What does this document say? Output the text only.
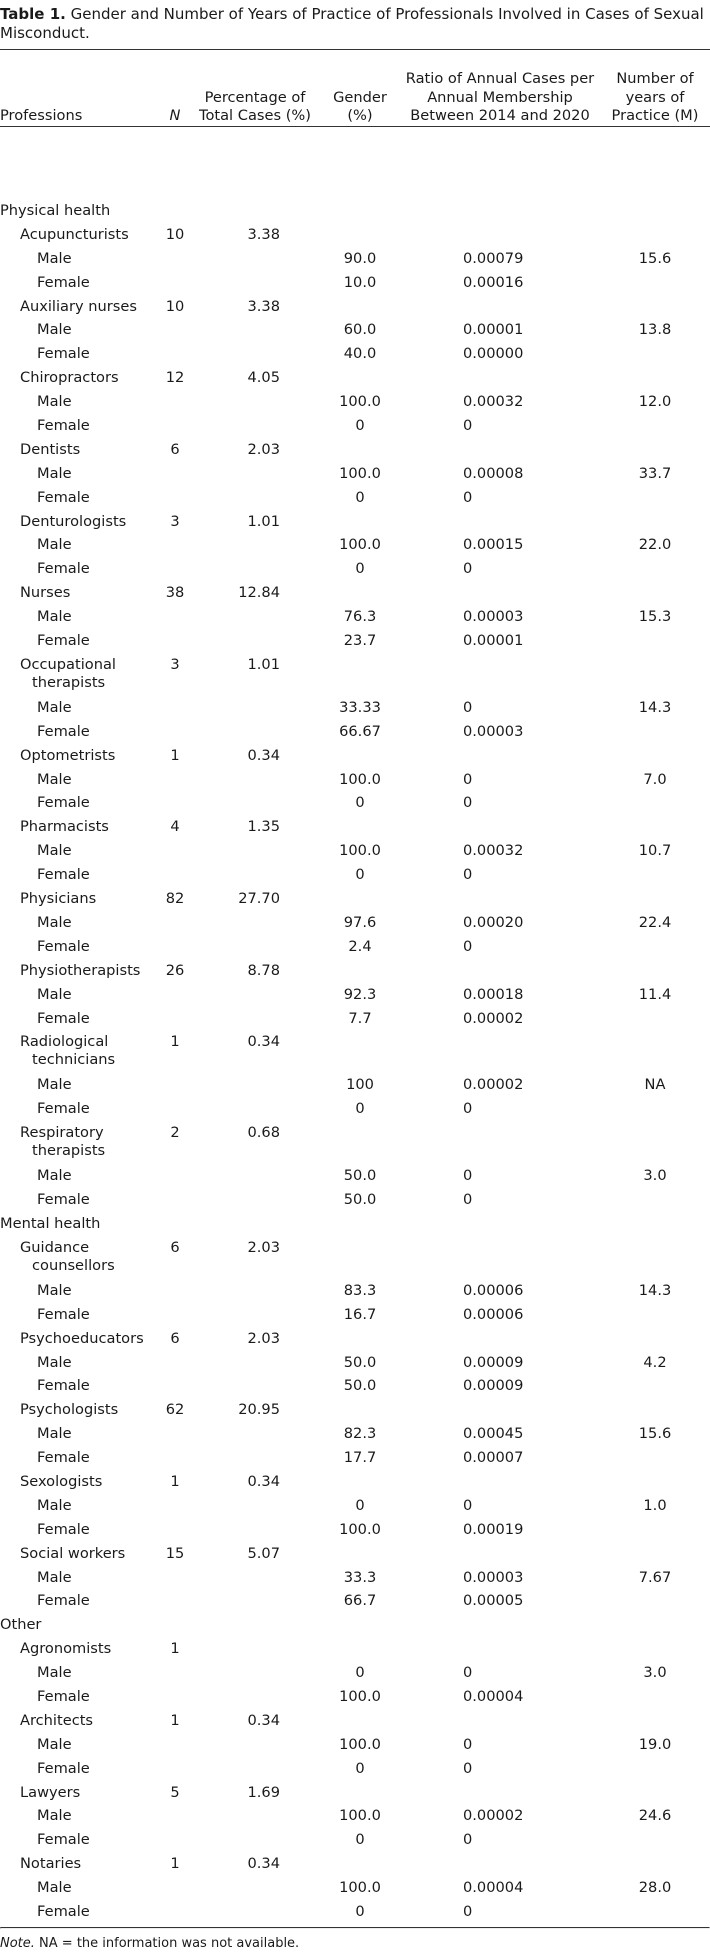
Table 1. Gender and Number of Years of Practice of Professionals Involved in Cases of Sexual Misconduct.

Professions	N	Percentage of Total Cases (%)	Gender (%)	Ratio of Annual Cases per Annual Membership Between 2014 and 2020	Number of years of Practice (M)

Physical health					
Acupuncturists	10	3.38			
Male			90.0	0.00079	15.6
Female			10.0	0.00016	
Auxiliary nurses	10	3.38			
Male			60.0	0.00001	13.8
Female			40.0	0.00000	
Chiropractors	12	4.05			
Male			100.0	0.00032	12.0
Female			0	0	
Dentists	6	2.03			
Male			100.0	0.00008	33.7
Female			0	0	
Denturologists	3	1.01			
Male			100.0	0.00015	22.0
Female			0	0	
Nurses	38	12.84			
Male			76.3	0.00003	15.3
Female			23.7	0.00001	
Occupational
therapists	3	1.01			
Male			33.33	0	14.3
Female			66.67	0.00003	
Optometrists	1	0.34			
Male			100.0	0	7.0
Female			0	0	
Pharmacists	4	1.35			
Male			100.0	0.00032	10.7
Female			0	0	
Physicians	82	27.70			
Male			97.6	0.00020	22.4
Female			2.4	0	
Physiotherapists	26	8.78			
Male			92.3	0.00018	11.4
Female			7.7	0.00002	
Radiological
technicians	1	0.34			
Male			100	0.00002	NA
Female			0	0	
Respiratory
therapists	2	0.68			
Male			50.0	0	3.0
Female			50.0	0	
Mental health					
Guidance
counsellors	6	2.03			
Male			83.3	0.00006	14.3
Female			16.7	0.00006	
Psychoeducators	6	2.03			
Male			50.0	0.00009	4.2
Female			50.0	0.00009	
Psychologists	62	20.95			
Male			82.3	0.00045	15.6
Female			17.7	0.00007	
Sexologists	1	0.34			
Male			0	0	1.0
Female			100.0	0.00019	
Social workers	15	5.07			
Male			33.3	0.00003	7.67
Female			66.7	0.00005	
Other					
Agronomists	1				
Male			0	0	3.0
Female			100.0	0.00004	
Architects	1	0.34			
Male			100.0	0	19.0
Female			0	0	
Lawyers	5	1.69			
Male			100.0	0.00002	24.6
Female			0	0	
Notaries	1	0.34			
Male			100.0	0.00004	28.0
Female			0	0	

Note. NA = the information was not available.
